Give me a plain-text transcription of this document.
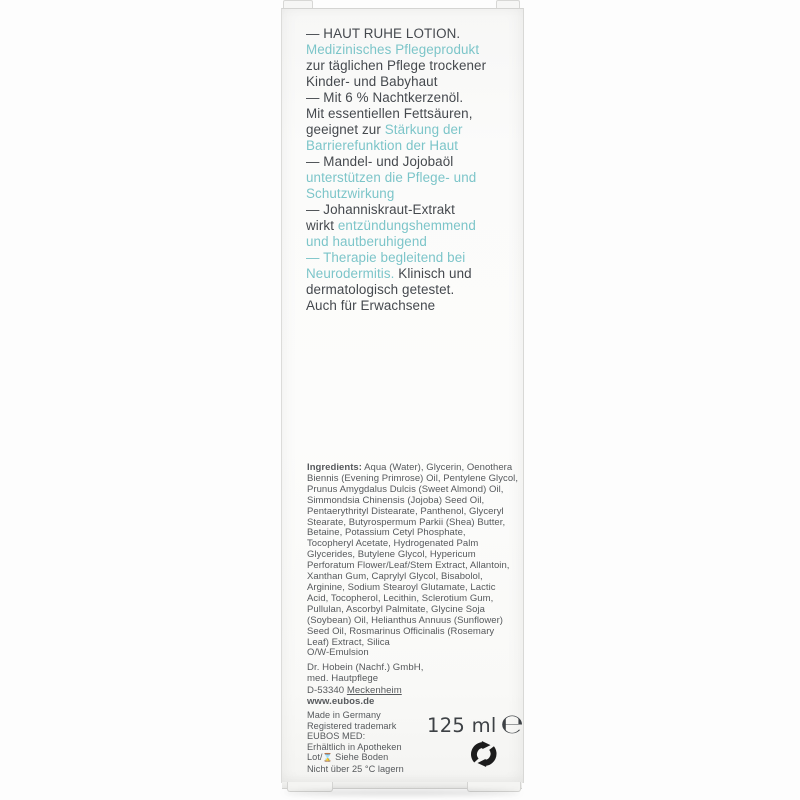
— HAUT RUHE LOTION.
Medizinisches Pflegeprodukt
zur täglichen Pflege trockener
Kinder- und Babyhaut
— Mit 6 % Nachtkerzenöl.
Mit essentiellen Fettsäuren,
geeignet zur Stärkung der
Barrierefunktion der Haut
— Mandel- und Jojobaöl
unterstützen die Pflege- und
Schutzwirkung
— Johanniskraut-Extrakt
wirkt entzündungshemmend
und hautberuhigend
— Therapie begleitend bei
Neurodermitis. Klinisch und
dermatologisch getestet.
Auch für Erwachsene
Ingredients: Aqua (Water), Glycerin, Oenothera
Biennis (Evening Primrose) Oil, Pentylene Glycol,
Prunus Amygdalus Dulcis (Sweet Almond) Oil,
Simmondsia Chinensis (Jojoba) Seed Oil,
Pentaerythrityl Distearate, Panthenol, Glyceryl
Stearate, Butyrospermum Parkii (Shea) Butter,
Betaine, Potassium Cetyl Phosphate,
Tocopheryl Acetate, Hydrogenated Palm
Glycerides, Butylene Glycol, Hypericum
Perforatum Flower/Leaf/Stem Extract, Allantoin,
Xanthan Gum, Caprylyl Glycol, Bisabolol,
Arginine, Sodium Stearoyl Glutamate, Lactic
Acid, Tocopherol, Lecithin, Sclerotium Gum,
Pullulan, Ascorbyl Palmitate, Glycine Soja
(Soybean) Oil, Helianthus Annuus (Sunflower)
Seed Oil, Rosmarinus Officinalis (Rosemary
Leaf) Extract, Silica
O/W-Emulsion
Dr. Hobein (Nachf.) GmbH,
med. Hautpflege
D-53340 Meckenheim
www.eubos.de
Made in Germany
Registered trademark
EUBOS MED:
Erhältlich in Apotheken
Lot/⌛ Siehe Boden
Nicht über 25 °C lagern
125 ml ℮
